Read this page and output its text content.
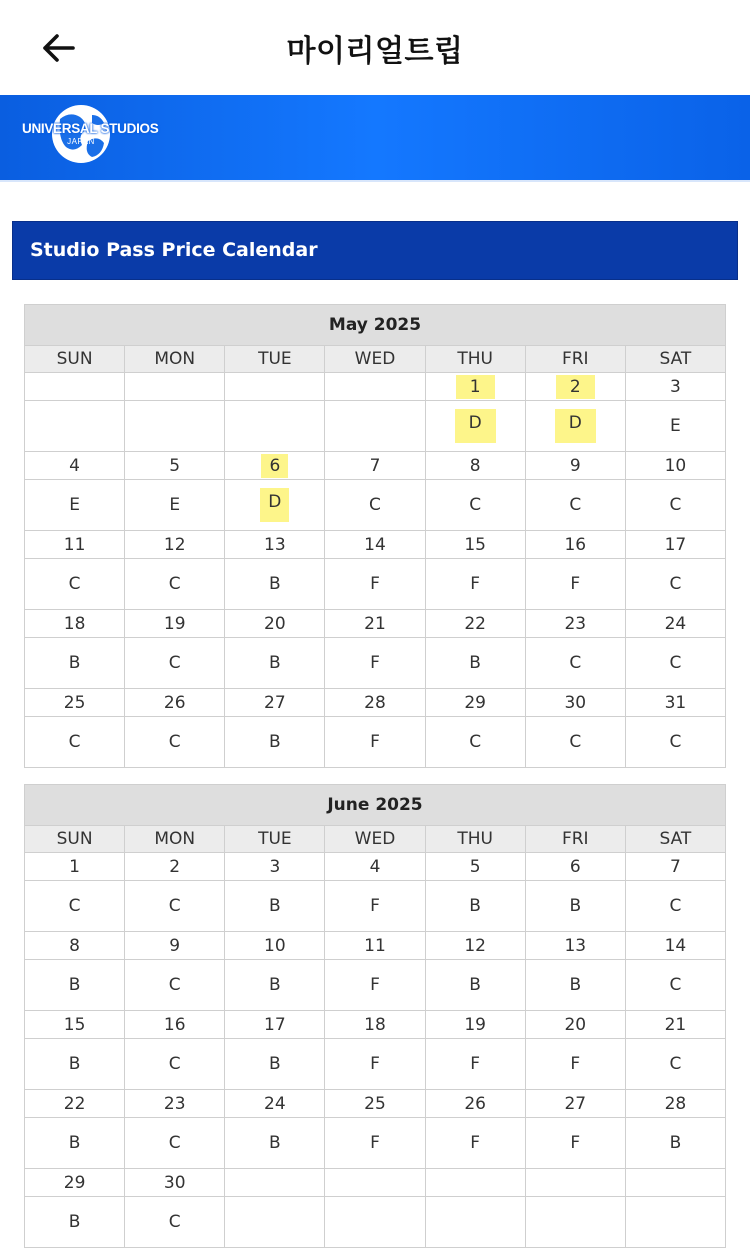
마이리얼트립
UNIVERSAL STUDIOS
JAPAN
Studio Pass Price Calendar
May 2025						
SUN	MON	TUE	WED	THU	FRI	SAT
				1	2	3
				D	D	E
4	5	6	7	8	9	10
E	E	D	C	C	C	C
11	12	13	14	15	16	17
C	C	B	F	F	F	C
18	19	20	21	22	23	24
B	C	B	F	B	C	C
25	26	27	28	29	30	31
C	C	B	F	C	C	C
June 2025						
SUN	MON	TUE	WED	THU	FRI	SAT
1	2	3	4	5	6	7
C	C	B	F	B	B	C
8	9	10	11	12	13	14
B	C	B	F	B	B	C
15	16	17	18	19	20	21
B	C	B	F	F	F	C
22	23	24	25	26	27	28
B	C	B	F	F	F	B
29	30					
B	C					
